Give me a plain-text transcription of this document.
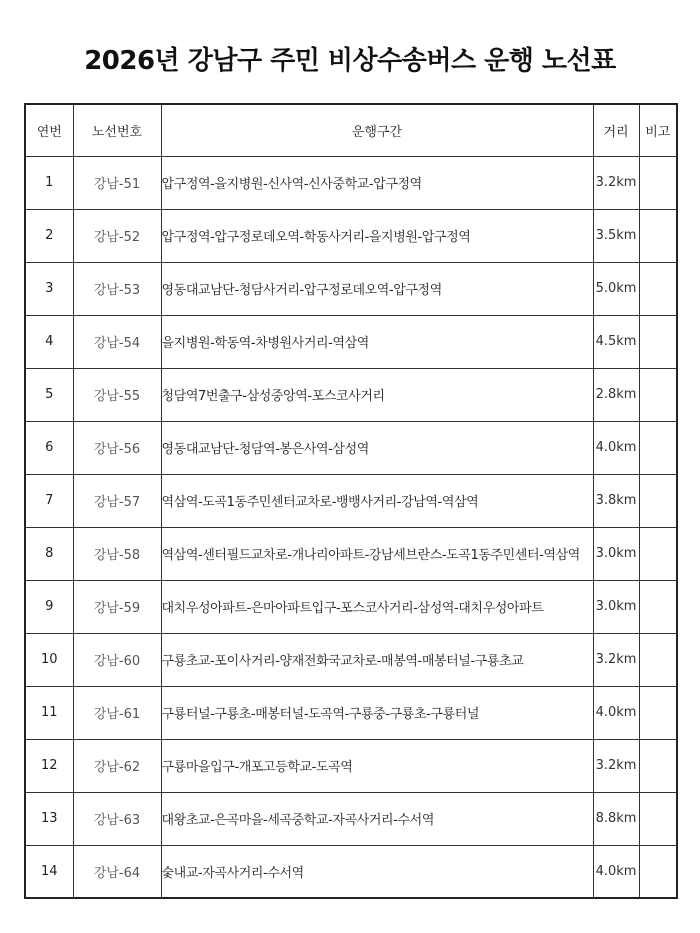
2026년 강남구 주민 비상수송버스 운행 노선표
연번	노선번호	운행구간	거리	비고
1	강남-51	압구정역-을지병원-신사역-신사중학교-압구정역	3.2km	
2	강남-52	압구정역-압구정로데오역-학동사거리-을지병원-압구정역	3.5km	
3	강남-53	영동대교남단-청담사거리-압구정로데오역-압구정역	5.0km	
4	강남-54	을지병원-학동역-차병원사거리-역삼역	4.5km	
5	강남-55	청담역7번출구-삼성중앙역-포스코사거리	2.8km	
6	강남-56	영동대교남단-청담역-봉은사역-삼성역	4.0km	
7	강남-57	역삼역-도곡1동주민센터교차로-뱅뱅사거리-강남역-역삼역	3.8km	
8	강남-58	역삼역-센터필드교차로-개나리아파트-강남세브란스-도곡1동주민센터-역삼역	3.0km	
9	강남-59	대치우성아파트-은마아파트입구-포스코사거리-삼성역-대치우성아파트	3.0km	
10	강남-60	구룡초교-포이사거리-양재전화국교차로-매봉역-매봉터널-구룡초교	3.2km	
11	강남-61	구룡터널-구룡초-매봉터널-도곡역-구룡중-구룡초-구룡터널	4.0km	
12	강남-62	구룡마을입구-개포고등학교-도곡역	3.2km	
13	강남-63	대왕초교-은곡마을-세곡중학교-자곡사거리-수서역	8.8km	
14	강남-64	숯내교-자곡사거리-수서역	4.0km	
